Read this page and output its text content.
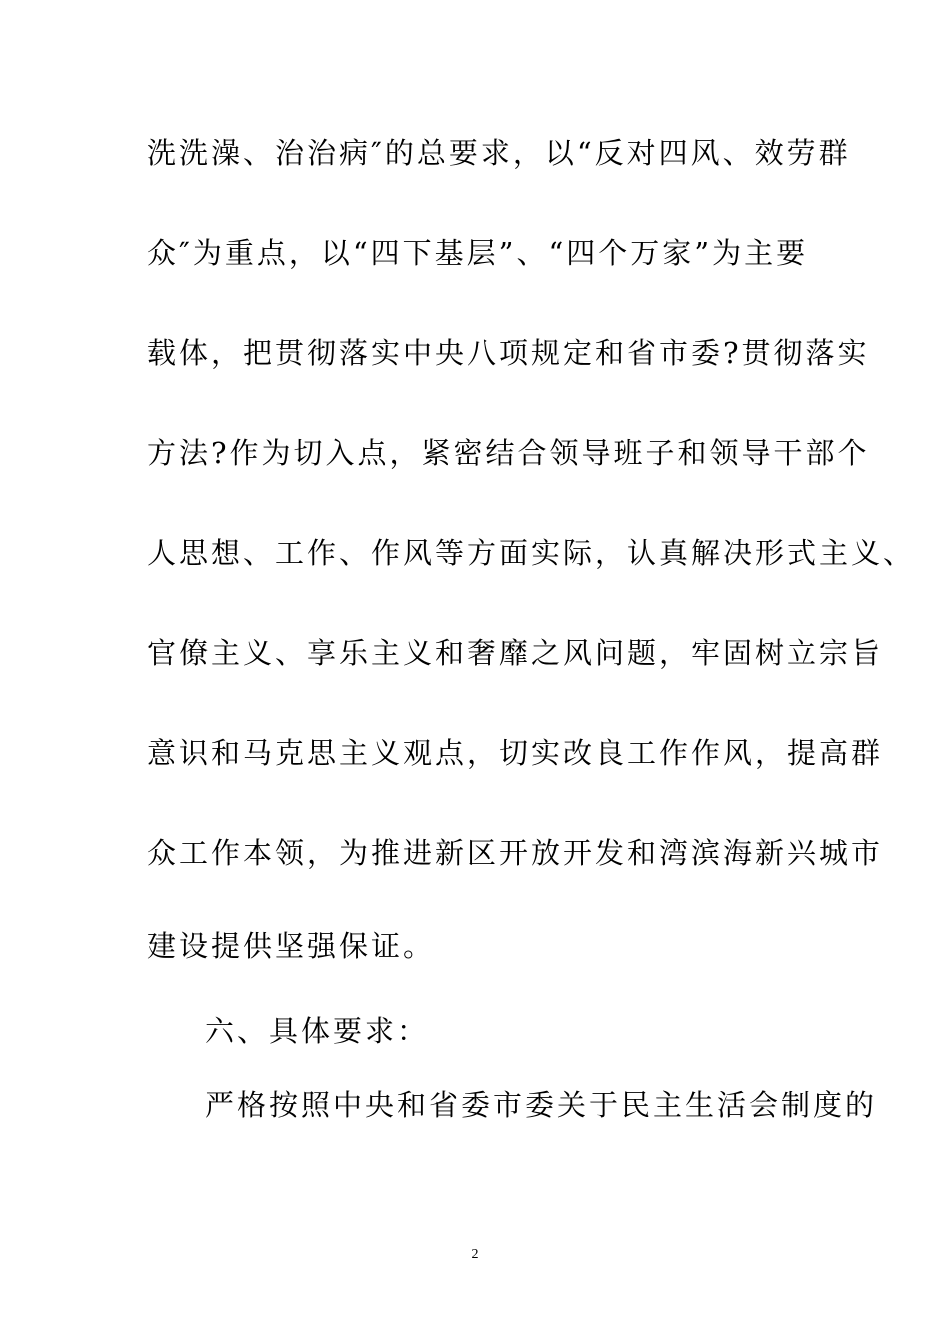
洗洗澡、治治病″的总要求，以“反对四风、效劳群
众″为重点，以“四下基层”、“四个万家”为主要
载体，把贯彻落实中央八项规定和省市委?贯彻落实
方法?作为切入点，紧密结合领导班子和领导干部个
人思想、工作、作风等方面实际，认真解决形式主义、
官僚主义、享乐主义和奢靡之风问题，牢固树立宗旨
意识和马克思主义观点，切实改良工作作风，提高群
众工作本领，为推进新区开放开发和湾滨海新兴城市
建设提供坚强保证。
六、具体要求：
严格按照中央和省委市委关于民主生活会制度的
2
